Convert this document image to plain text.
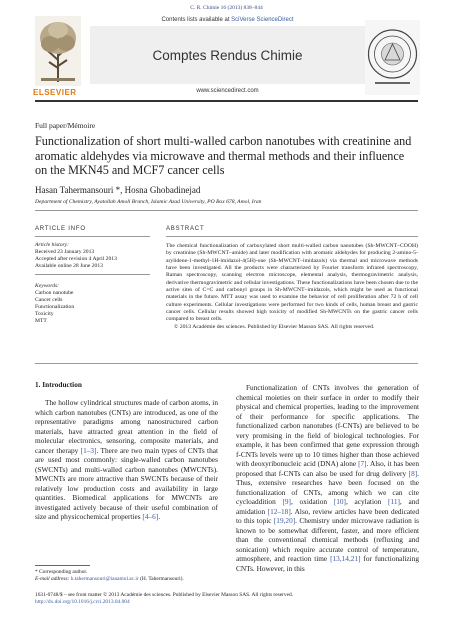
C. R. Chimie 16 (2013) 838–844
ELSEVIER
Contents lists available at SciVerse ScienceDirect
Comptes Rendus Chimie
www.sciencedirect.com
Full paper/Mémoire
Functionalization of short multi-walled carbon nanotubes with creatinine and aromatic aldehydes via microwave and thermal methods and their influence on the MKN45 and MCF7 cancer cells
Hasan Tahermansouri *, Hosna Ghobadinejad
Department of Chemistry, Ayatollah Amoli Branch, Islamic Azad University, PO Box 678, Amol, Iran
ARTICLE INFO
Article history:
Received 23 January 2013
Accepted after revision 4 April 2013
Available online 28 June 2013
Keywords:
Carbon nanotube
Cancer cells
Functionalization
Toxicity
MTT
ABSTRACT
The chemical functionalization of carboxylated short multi-walled carbon nanotubes (Sh-MWCNT–COOH) by creatinine (Sh-MWCNT–amide) and later modification with aromatic aldehydes for producing 2-amino-5-arylidene-1-methyl-1H-imidazol-4(5H)-one (Sh-MWCNT–imidazols) via thermal and microwave methods have been investigated. All the products were characterized by Fourier transform infrared spectroscopy, Raman spectroscopy, scanning electron microscope, elemental analysis, thermogravimetric analysis, derivative thermogravimetric and cellular investigations. These functionalizations have been chosen due to the active sites of C=C and carbonyl groups in Sh-MWCNT–imidazols, which might be used as functional materials in the future. MTT assay was used to examine the behavior of cell proliferation after 72 h of cell culture experiments. Cellular investigations were performed for two kinds of cells, human breast and gastric cancer cells. Cellular results showed high toxicity of modified Sh-MWCNTs on the gastric cancer cells compared to breast cells.
© 2013 Académie des sciences. Published by Elsevier Masson SAS. All rights reserved.
1. Introduction

The hollow cylindrical structures made of carbon atoms, in which carbon nanotubes (CNTs) are introduced, as one of the representative paradigms among nanostructured carbon materials, have attracted great attention in the field of molecular electronics, sensoring, composite materials, and cancer therapy [1–3]. There are two main types of CNTs that are used most commonly: single-walled carbon nanotubes (SWCNTs) and multi-walled carbon nanotubes (MWCNTs). MWCNTs are more attractive than SWCNTs because of their relatively low production costs and availability in large quantities. Biomedical applications for MWCNTs are investigated actively because of their useful combination of size and physicochemical properties [4–6].

Functionalization of CNTs involves the generation of chemical moieties on their surface in order to modify their physical and chemical properties, leading to the improvement of their performance for specific applications. The functionalized carbon nanotubes (f-CNTs) are believed to be very promising in the field of biological technologies. For example, it has been confirmed that gene expression through f-CNTs levels were up to 10 times higher than those achieved with deoxyribonucleic acid (DNA) alone [7]. Also, it has been proposed that f-CNTs can also be used for drug delivery [8]. Thus, extensive researches have been focused on the functionalization of CNTs, among which we can cite cycloaddition [9], oxidation [10], acylation [11], and amidation [12–18]. Also, review articles have been dedicated to this topic [19,20]. Chemistry under microwave radiation is known to be somewhat different, faster, and more efficient than the conventional chemical methods (refluxing and sonication) which require accurate control of temperature, atmosphere, and reaction time [13,14,21] for functionalizing CNTs. However, in this

* Corresponding author.
E-mail address: h.tahermansouri@iauamol.ac.ir (H. Tahermansouri).
1631-0748/$ – see front matter © 2013 Académie des sciences. Published by Elsevier Masson SAS. All rights reserved.
http://dx.doi.org/10.1016/j.crci.2013.04.004
